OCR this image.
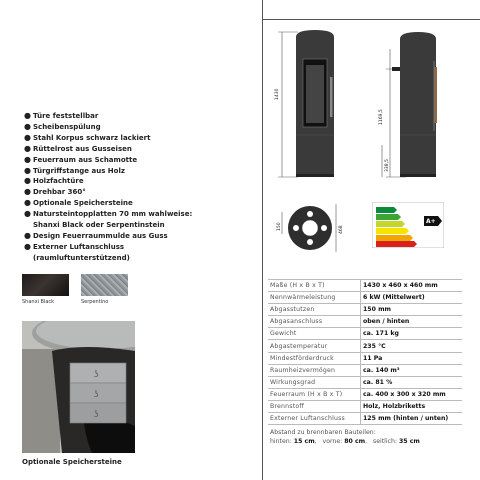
● Türe feststellbar
● Scheibenspülung
● Stahl Korpus schwarz lackiert
● Rüttelrost aus Gusseisen
● Feuerraum aus Schamotte
● Türgriffstange aus Holz
● Holzfachtüre
● Drehbar 360°
● Optionale Speichersteine
● Natursteintopplatten 70 mm wahlweise:
Shanxi Black oder Serpentinstein
● Design Feuerraummulde aus Guss
● Externer Luftanschluss
(raumluftunterstützend)
Shanxi Black	Serpentino
ʖ
ʖ
ʖ
Optionale Speichersteine
1430
1169,5
338,5
150	468
A+
Maße (H x B x T)	1430 x 460 x 460 mm
Nennwärmeleistung	6 kW (Mittelwert)
Abgasstutzen	150 mm
Abgasanschluss	oben / hinten
Gewicht	ca. 171 kg
Abgastemperatur	235 °C
Mindestförderdruck	11 Pa
Raumheizvermögen	ca. 140 m³
Wirkungsgrad	ca. 81 %
Feuerraum (H x B x T)	ca. 400 x 300 x 320 mm
Brennstoff	Holz, Holzbriketts
Externer Luftanschluss	125 mm (hinten / unten)
Abstand zu brennbaren Bauteilen:
hinten: 15 cm,   vorne: 80 cm,   seitlich: 35 cm
